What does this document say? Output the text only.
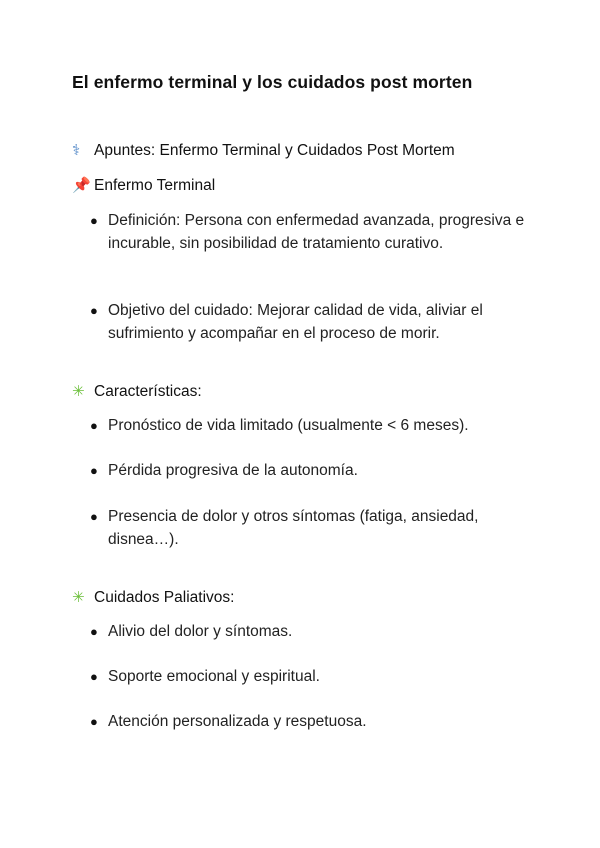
El enfermo terminal y los cuidados post morten

⚕ Apuntes: Enfermo Terminal y Cuidados Post Mortem

📌 Enfermo Terminal

● Definición: Persona con enfermedad avanzada, progresiva e incurable, sin posibilidad de tratamiento curativo.
● Objetivo del cuidado: Mejorar calidad de vida, aliviar el sufrimiento y acompañar en el proceso de morir.

✳ Características:

● Pronóstico de vida limitado (usualmente < 6 meses).
● Pérdida progresiva de la autonomía.
● Presencia de dolor y otros síntomas (fatiga, ansiedad, disnea…).

✳ Cuidados Paliativos:

● Alivio del dolor y síntomas.
● Soporte emocional y espiritual.
● Atención personalizada y respetuosa.
